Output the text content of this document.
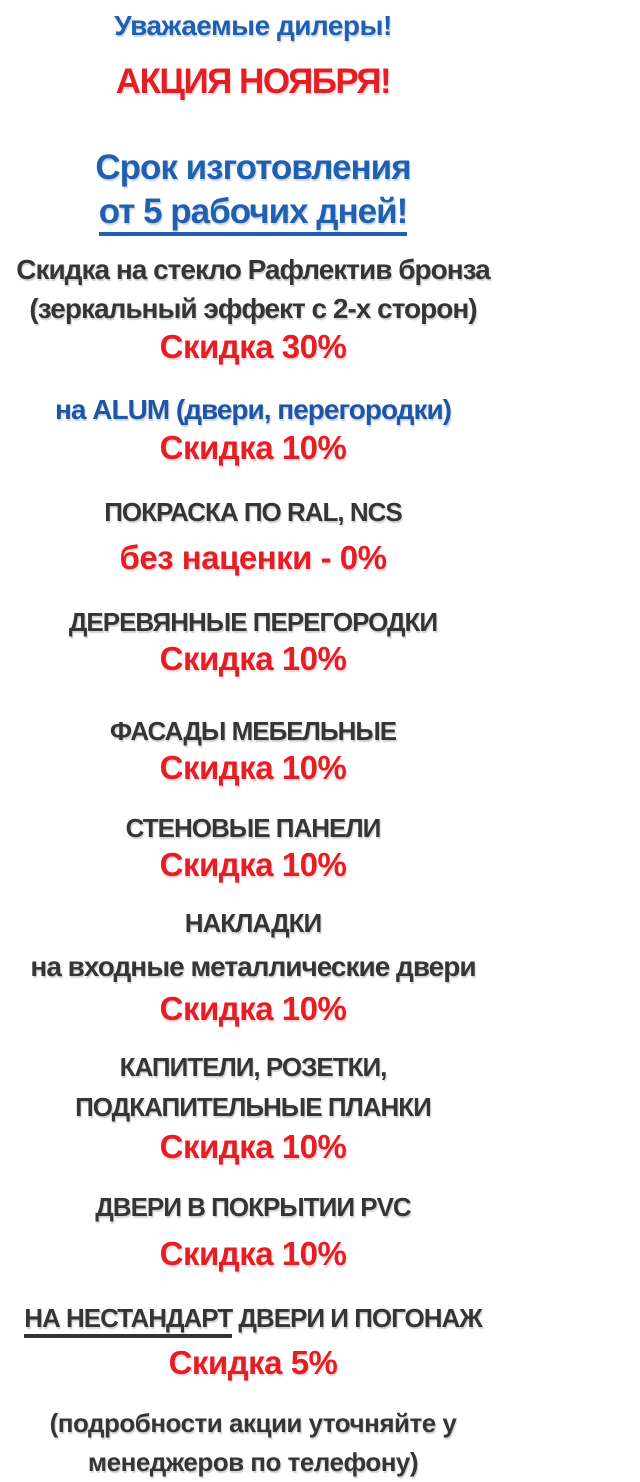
Уважаемые дилеры!
АКЦИЯ НОЯБРЯ!
Срок изготовления
от 5 рабочих дней!
Скидка на стекло Рафлектив бронза
(зеркальный эффект с 2-х сторон)
Скидка 30%
на ALUM (двери, перегородки)
Скидка 10%
ПОКРАСКА ПО RAL, NCS
без наценки - 0%
ДЕРЕВЯННЫЕ ПЕРЕГОРОДКИ
Скидка 10%
ФАСАДЫ МЕБЕЛЬНЫЕ
Скидка 10%
СТЕНОВЫЕ ПАНЕЛИ
Скидка 10%
НАКЛАДКИ
на входные металлические двери
Скидка 10%
КАПИТЕЛИ, РОЗЕТКИ,
ПОДКАПИТЕЛЬНЫЕ ПЛАНКИ
Скидка 10%
ДВЕРИ В ПОКРЫТИИ PVC
Скидка 10%
НА НЕСТАНДАРТ ДВЕРИ И ПОГОНАЖ
Скидка 5%
(подробности акции уточняйте у
менеджеров по телефону)
